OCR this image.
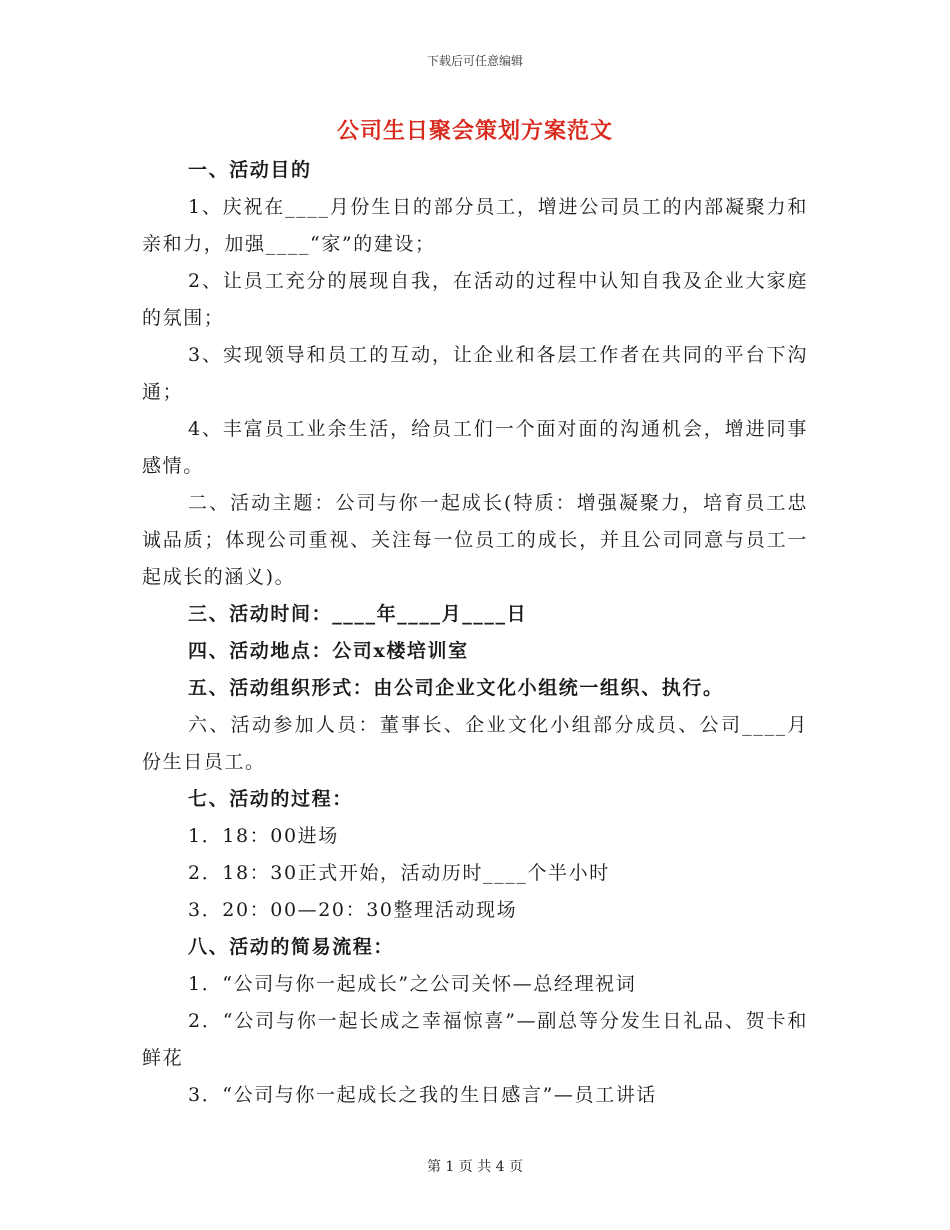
下载后可任意编辑
公司生日聚会策划方案范文

一、活动目的

1、庆祝在____月份生日的部分员工，增进公司员工的内部凝聚力和亲和力，加强____“家”的建设；

2、让员工充分的展现自我，在活动的过程中认知自我及企业大家庭的氛围；

3、实现领导和员工的互动，让企业和各层工作者在共同的平台下沟通；

4、丰富员工业余生活，给员工们一个面对面的沟通机会，增进同事感情。

二、活动主题：公司与你一起成长(特质：增强凝聚力，培育员工忠诚品质；体现公司重视、关注每一位员工的成长，并且公司同意与员工一起成长的涵义)。

三、活动时间：____年____月____日

四、活动地点：公司x楼培训室

五、活动组织形式：由公司企业文化小组统一组织、执行。

六、活动参加人员：董事长、企业文化小组部分成员、公司____月份生日员工。

七、活动的过程：

1．18：00进场

2．18：30正式开始，活动历时____个半小时

3．20：00—20：30整理活动现场

八、活动的简易流程：

1．“公司与你一起成长”之公司关怀—总经理祝词

2．“公司与你一起长成之幸福惊喜”—副总等分发生日礼品、贺卡和鲜花

3．“公司与你一起成长之我的生日感言”—员工讲话

第 1 页 共 4 页
